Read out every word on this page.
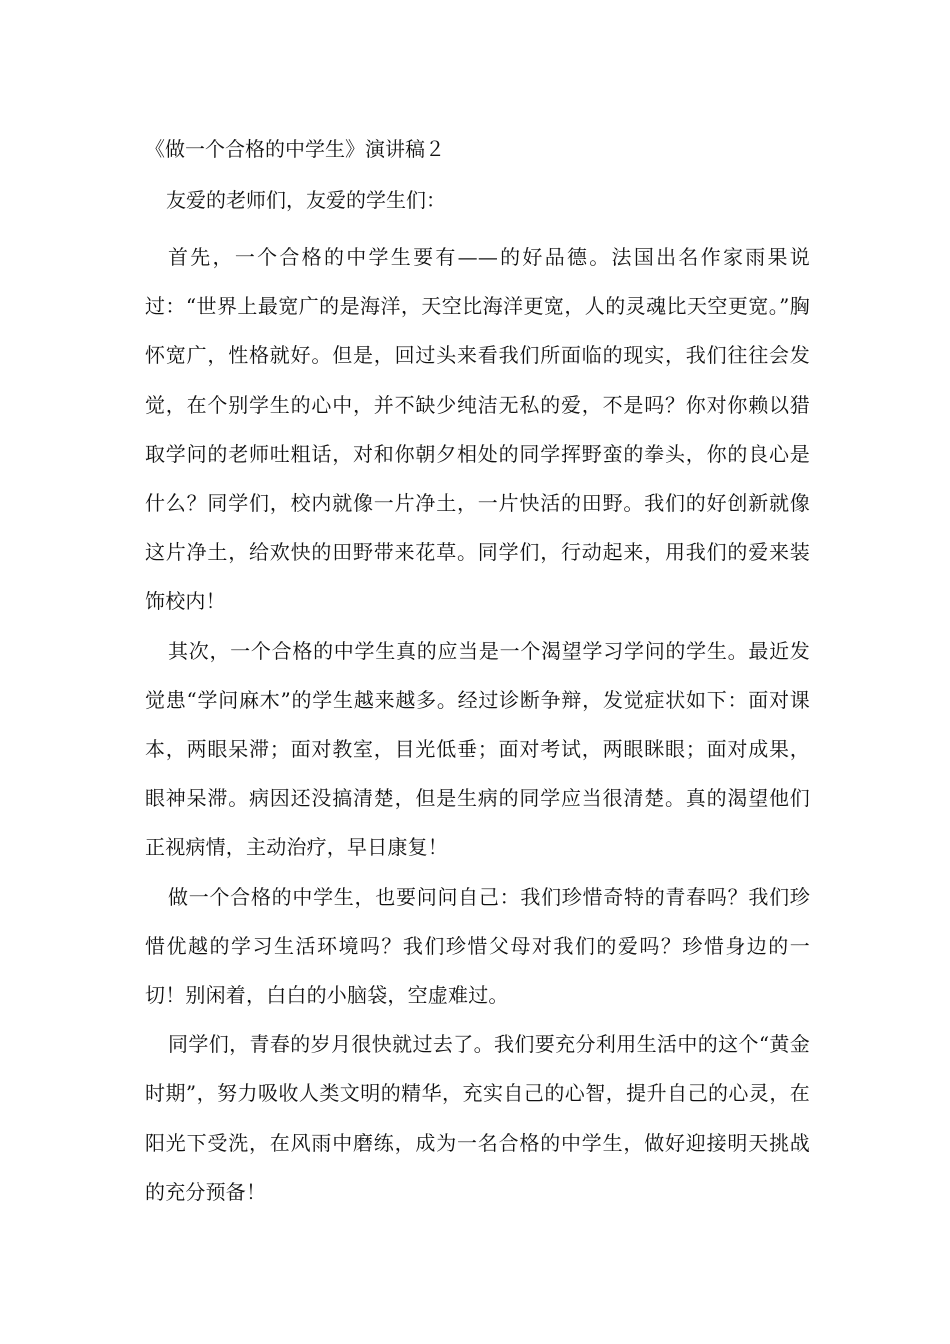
《做一个合格的中学生》演讲稿２
友爱的老师们，友爱的学生们：

首先，一个合格的中学生要有——的好品德。法国出名作家雨果说过：“世界上最宽广的是海洋，天空比海洋更宽，人的灵魂比天空更宽。”胸怀宽广，性格就好。但是，回过头来看我们所面临的现实，我们往往会发觉，在个别学生的心中，并不缺少纯洁无私的爱，不是吗？你对你赖以猎取学问的老师吐粗话，对和你朝夕相处的同学挥野蛮的拳头，你的良心是什么？同学们，校内就像一片净土，一片快活的田野。我们的好创新就像这片净土，给欢快的田野带来花草。同学们，行动起来，用我们的爱来装饰校内！

其次，一个合格的中学生真的应当是一个渴望学习学问的学生。最近发觉患“学问麻木”的学生越来越多。经过诊断争辩，发觉症状如下：面对课本，两眼呆滞；面对教室，目光低垂；面对考试，两眼眯眼；面对成果，眼神呆滞。病因还没搞清楚，但是生病的同学应当很清楚。真的渴望他们正视病情，主动治疗，早日康复！

做一个合格的中学生，也要问问自己：我们珍惜奇特的青春吗？我们珍惜优越的学习生活环境吗？我们珍惜父母对我们的爱吗？珍惜身边的一切！别闲着，白白的小脑袋，空虚难过。

同学们，青春的岁月很快就过去了。我们要充分利用生活中的这个“黄金时期”，努力吸收人类文明的精华，充实自己的心智，提升自己的心灵，在阳光下受洗，在风雨中磨练，成为一名合格的中学生，做好迎接明天挑战的充分预备！
